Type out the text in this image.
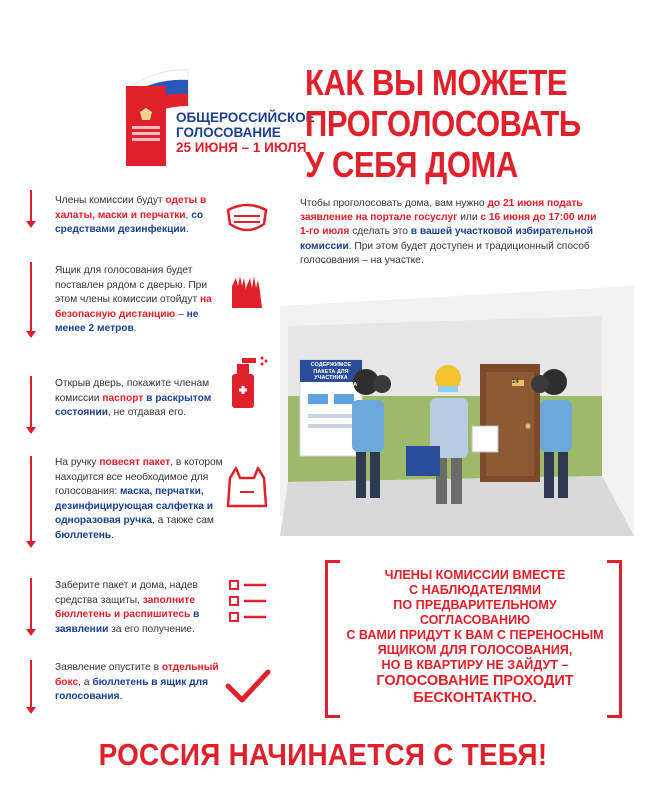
ОБЩЕРОССИЙСКОЕ
ГОЛОСОВАНИЕ
25 ИЮНЯ – 1 ИЮЛЯ
КАК ВЫ МОЖЕТЕ
ПРОГОЛОСОВАТЬ
У СЕБЯ ДОМА
Чтобы проголосовать дома, вам нужно до 21 июня подать заявление на портале госуслуг или с 16 июня до 17:00 или 1-го июля сделать это в вашей участковой избирательной комиссии. При этом будет доступен и традиционный способ голосования – на участке.
Члены комиссии будут одеты в халаты, маски и перчатки, со средствами дезинфекции.
Ящик для голосования будет поставлен рядом с дверью. При этом члены комиссии отойдут на безопасную дистанцию – не менее 2 метров.
Открыв дверь, покажите членам комиссии паспорт в раскрытом состоянии, не отдавая его.
На ручку повесят пакет, в котором находится все необходимое для голосования: маска, перчатки, дезинфицирующая салфетка и одноразовая ручка, а также сам бюллетень.
Заберите пакет и дома, надев средства защиты, заполните бюллетень и распишитесь в заявлении за его получение.
Заявление опустите в отдельный бокс, а бюллетень в ящик для голосования.
СОДЕРЖИМОЕ ПАКЕТА ДЛЯ УЧАСТНИКА ГОЛОСОВАНИЯ НА ДОМУ
14
ЧЛЕНЫ КОМИССИИ ВМЕСТЕ
С НАБЛЮДАТЕЛЯМИ
ПО ПРЕДВАРИТЕЛЬНОМУ СОГЛАСОВАНИЮ
С ВАМИ ПРИДУТ К ВАМ С ПЕРЕНОСНЫМ
ЯЩИКОМ ДЛЯ ГОЛОСОВАНИЯ,
НО В КВАРТИРУ НЕ ЗАЙДУТ –
ГОЛОСОВАНИЕ ПРОХОДИТ
БЕСКОНТАКТНО.
РОССИЯ НАЧИНАЕТСЯ С ТЕБЯ!
